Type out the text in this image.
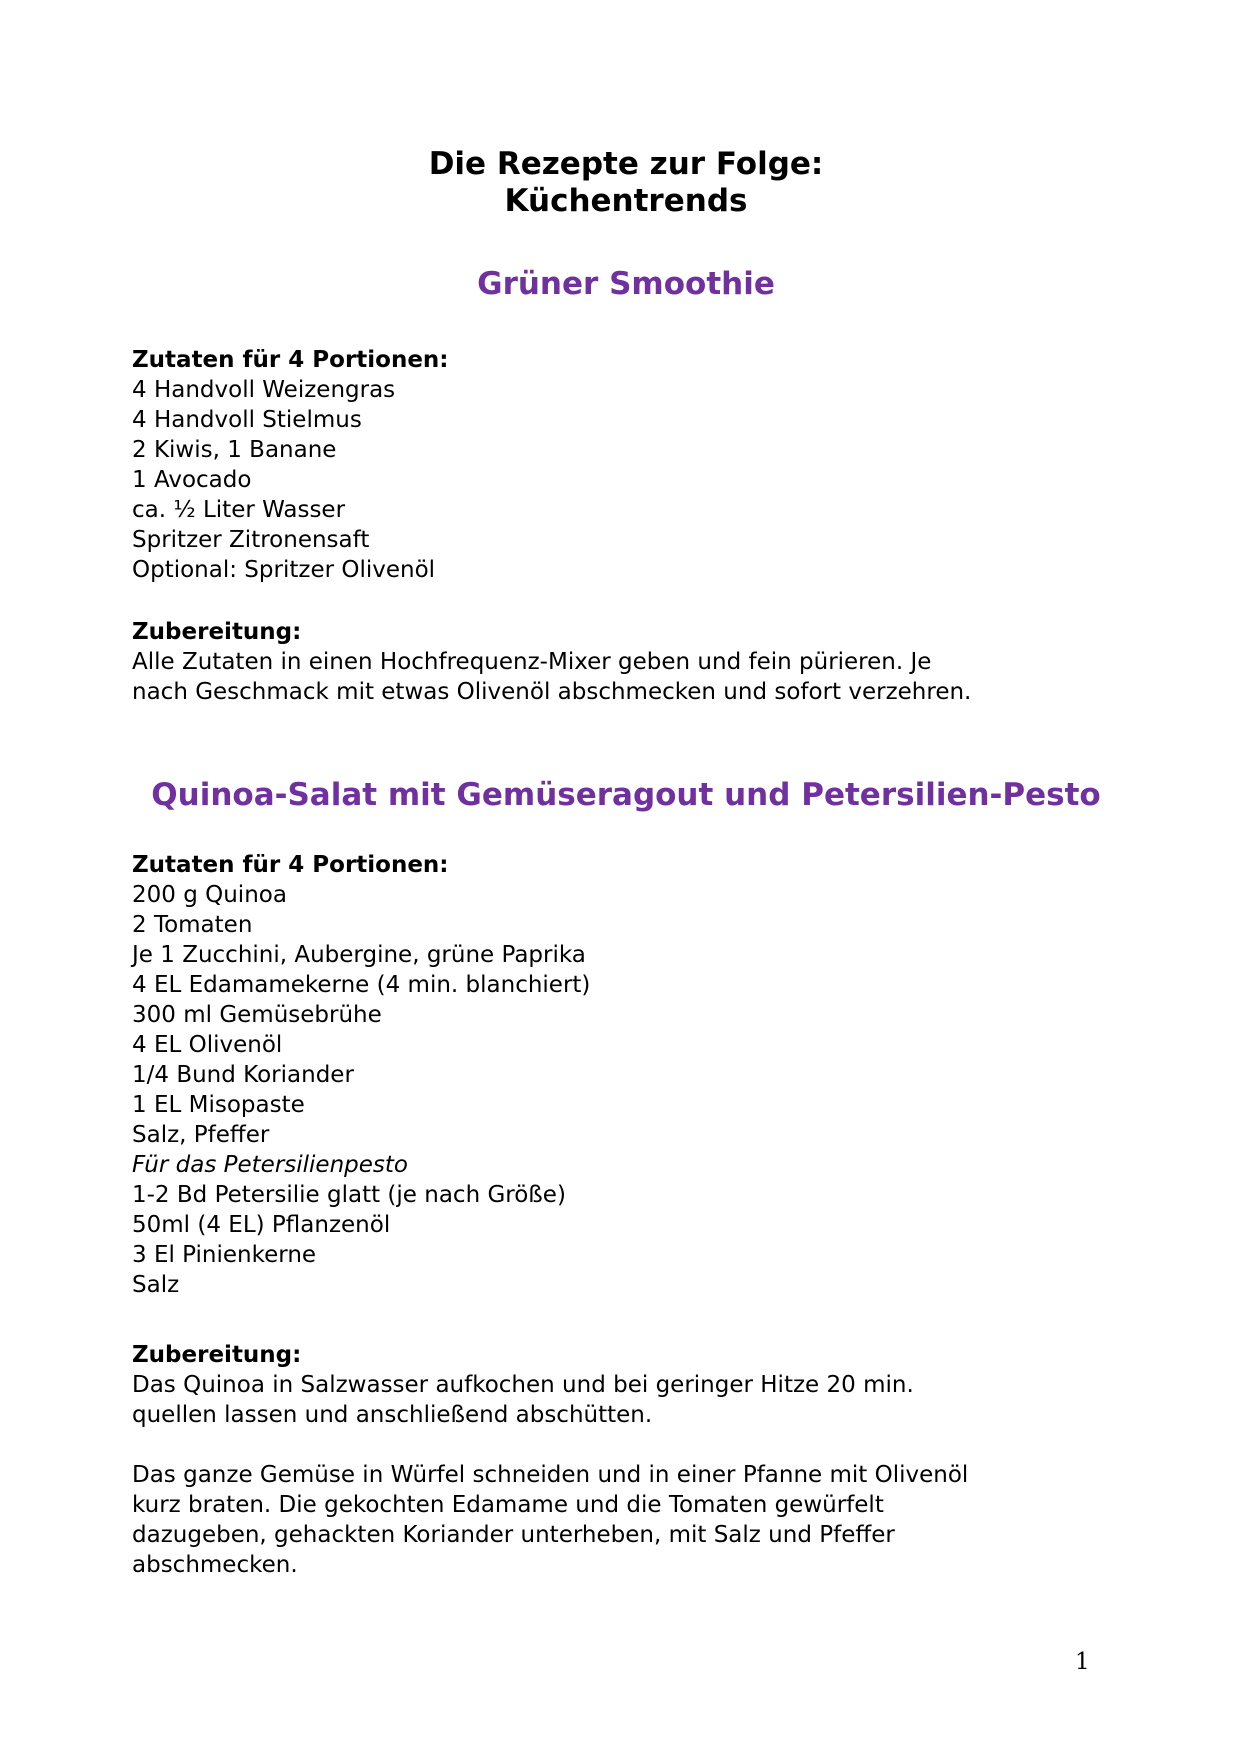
Die Rezepte zur Folge:
Küchentrends
Grüner Smoothie
Zutaten für 4 Portionen:
4 Handvoll Weizengras
4 Handvoll Stielmus
2 Kiwis, 1 Banane
1 Avocado
ca. ½ Liter Wasser
Spritzer Zitronensaft
Optional: Spritzer Olivenöl
Zubereitung:
Alle Zutaten in einen Hochfrequenz-Mixer geben und fein pürieren. Je
nach Geschmack mit etwas Olivenöl abschmecken und sofort verzehren.
Quinoa-Salat mit Gemüseragout und Petersilien-Pesto
Zutaten für 4 Portionen:
200 g Quinoa
2 Tomaten
Je 1 Zucchini, Aubergine, grüne Paprika
4 EL Edamamekerne (4 min. blanchiert)
300 ml Gemüsebrühe
4 EL Olivenöl
1/4 Bund Koriander
1 EL Misopaste
Salz, Pfeffer
Für das Petersilienpesto
1-2 Bd Petersilie glatt (je nach Größe)
50ml (4 EL) Pflanzenöl
3 El Pinienkerne
Salz
Zubereitung:
Das Quinoa in Salzwasser aufkochen und bei geringer Hitze 20 min.
quellen lassen und anschließend abschütten.
Das ganze Gemüse in Würfel schneiden und in einer Pfanne mit Olivenöl
kurz braten. Die gekochten Edamame und die Tomaten gewürfelt
dazugeben, gehackten Koriander unterheben, mit Salz und Pfeffer
abschmecken.
1
